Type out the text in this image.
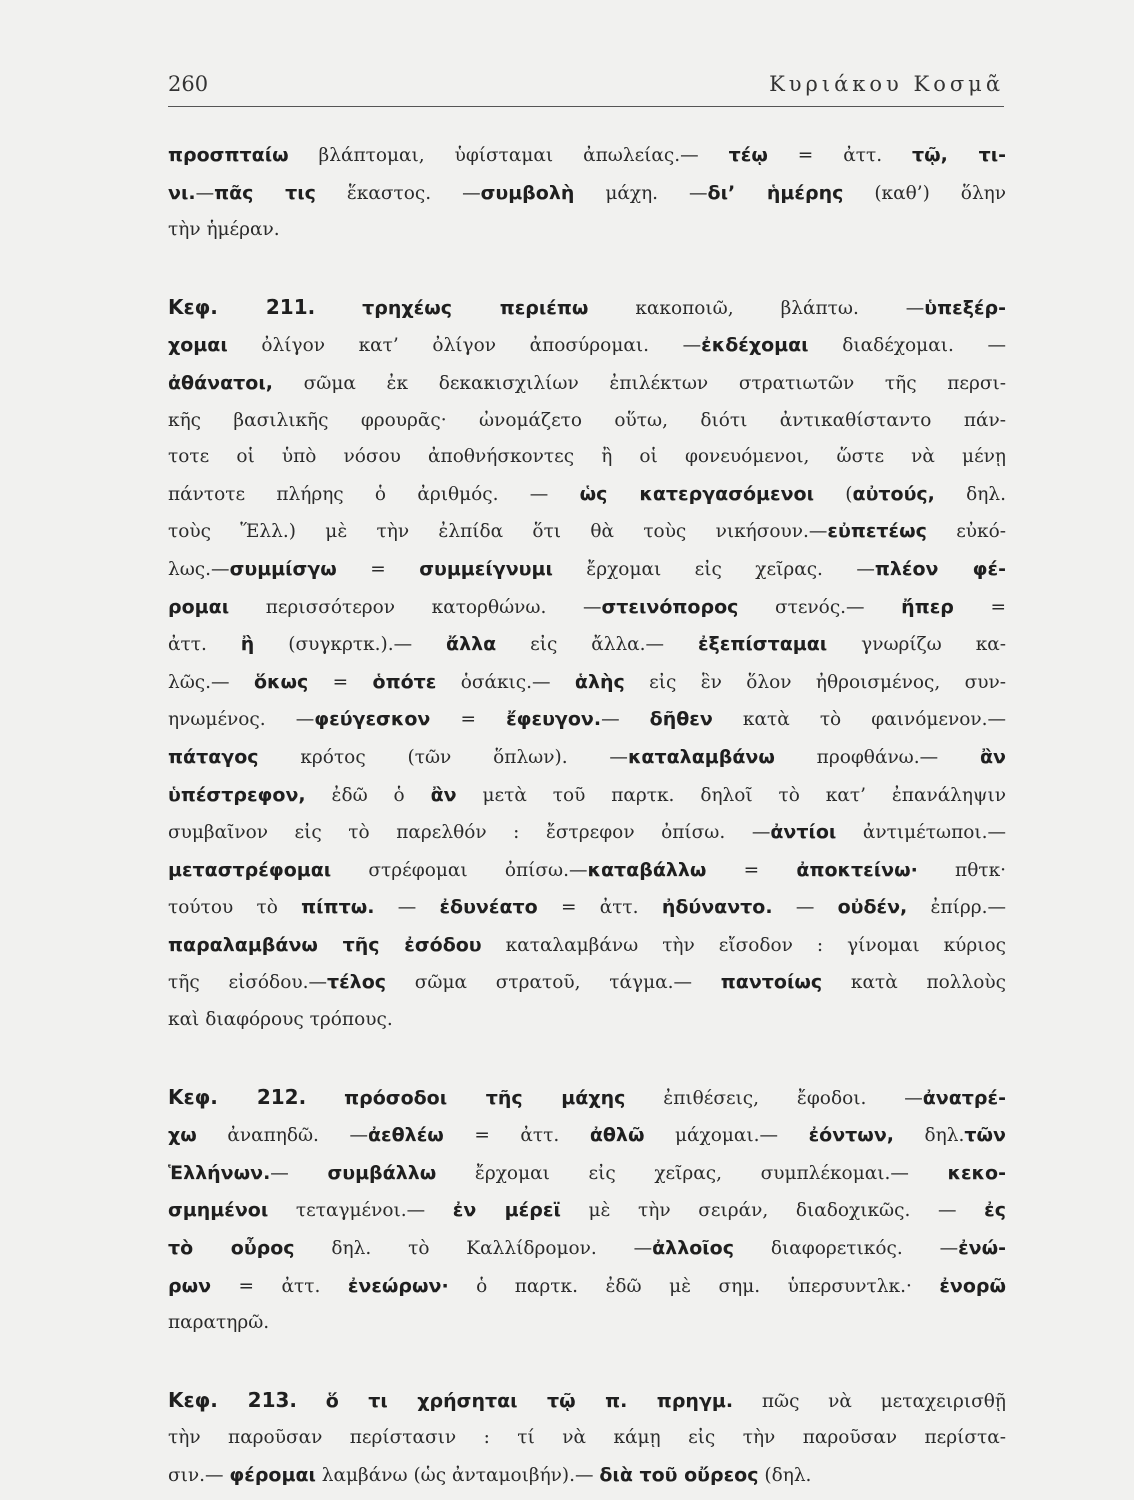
260	Κυριάκου Κοσμᾶ
προσπταίω βλάπτομαι, ὑφίσταμαι ἀπωλείας.— τέῳ = ἀττ. τῷ, τι-
νι.—πᾶς τις ἕκαστος. —συμβολὴ μάχη. —δι’ ἡμέρης (καθ’) ὅλην
τὴν ἡμέραν.
Κεφ. 211. τρηχέως περιέπω κακοποιῶ, βλάπτω. —ὑπεξέρ-
χομαι ὀλίγον κατ’ ὀλίγον ἀποσύρομαι. —ἐκδέχομαι διαδέχομαι. —
ἀθάνατοι, σῶμα ἐκ δεκακισχιλίων ἐπιλέκτων στρατιωτῶν τῆς περσι-
κῆς βασιλικῆς φρουρᾶς· ὠνομάζετο οὕτω, διότι ἀντικαθίσταντο πάν-
τοτε οἱ ὑπὸ νόσου ἀποθνήσκοντες ἢ οἱ φονευόμενοι, ὥστε νὰ μένῃ
πάντοτε πλήρης ὁ ἀριθμός. — ὡς κατεργασόμενοι (αὐτούς, δηλ.
τοὺς Ἕλλ.) μὲ τὴν ἐλπίδα ὅτι θὰ τοὺς νικήσουν.—εὐπετέως εὐκό-
λως.—συμμίσγω = συμμείγνυμι ἔρχομαι εἰς χεῖρας. —πλέον φέ-
ρομαι περισσότερον κατορθώνω. —στεινόπορος στενός.— ἤπερ =
ἀττ. ἢ (συγκρτκ.).— ἄλλα εἰς ἄλλα.— ἐξεπίσταμαι γνωρίζω κα-
λῶς.— ὅκως = ὁπότε ὁσάκις.— ἁλὴς εἰς ἓν ὅλον ἠθροισμένος, συν-
ηνωμένος. —φεύγεσκον = ἔφευγον.— δῆθεν κατὰ τὸ φαινόμενον.—
πάταγος κρότος (τῶν ὅπλων). —καταλαμβάνω προφθάνω.— ἂν
ὑπέστρεφον, ἐδῶ ὁ ἂν μετὰ τοῦ παρτκ. δηλοῖ τὸ κατ’ ἐπανάληψιν
συμβαῖνον εἰς τὸ παρελθόν : ἔστρεφον ὀπίσω. —ἀντίοι ἀντιμέτωποι.—
μεταστρέφομαι στρέφομαι ὀπίσω.—καταβάλλω = ἀποκτείνω· πθτκ·
τούτου τὸ πίπτω. — ἐδυνέατο = ἀττ. ἠδύναντο. — οὐδέν, ἐπίρρ.—
παραλαμβάνω τῆς ἐσόδου καταλαμβάνω τὴν εἴσοδον : γίνομαι κύριος
τῆς εἰσόδου.—τέλος σῶμα στρατοῦ, τάγμα.— παντοίως κατὰ πολλοὺς
καὶ διαφόρους τρόπους.
Κεφ. 212. πρόσοδοι τῆς μάχης ἐπιθέσεις, ἔφοδοι. —ἀνατρέ-
χω ἀναπηδῶ. —ἀεθλέω = ἀττ. ἀθλῶ μάχομαι.— ἐόντων, δηλ.τῶν
Ἑλλήνων.— συμβάλλω ἔρχομαι εἰς χεῖρας, συμπλέκομαι.— κεκο-
σμημένοι τεταγμένοι.— ἐν μέρεϊ μὲ τὴν σειράν, διαδοχικῶς. — ἐς
τὸ οὖρος δηλ. τὸ Καλλίδρομον. —ἀλλοῖος διαφορετικός. —ἐνώ-
ρων = ἀττ. ἐνεώρων· ὁ παρτκ. ἐδῶ μὲ σημ. ὑπερσυντλκ.· ἐνορῶ
παρατηρῶ.
Κεφ. 213. ὅ τι χρήσηται τῷ π. πρηγμ. πῶς νὰ μεταχειρισθῇ
τὴν παροῦσαν περίστασιν : τί νὰ κάμῃ εἰς τὴν παροῦσαν περίστα-
σιν.— φέρομαι λαμβάνω (ὡς ἀνταμοιβήν).— διὰ τοῦ οὔρεος (δηλ.
